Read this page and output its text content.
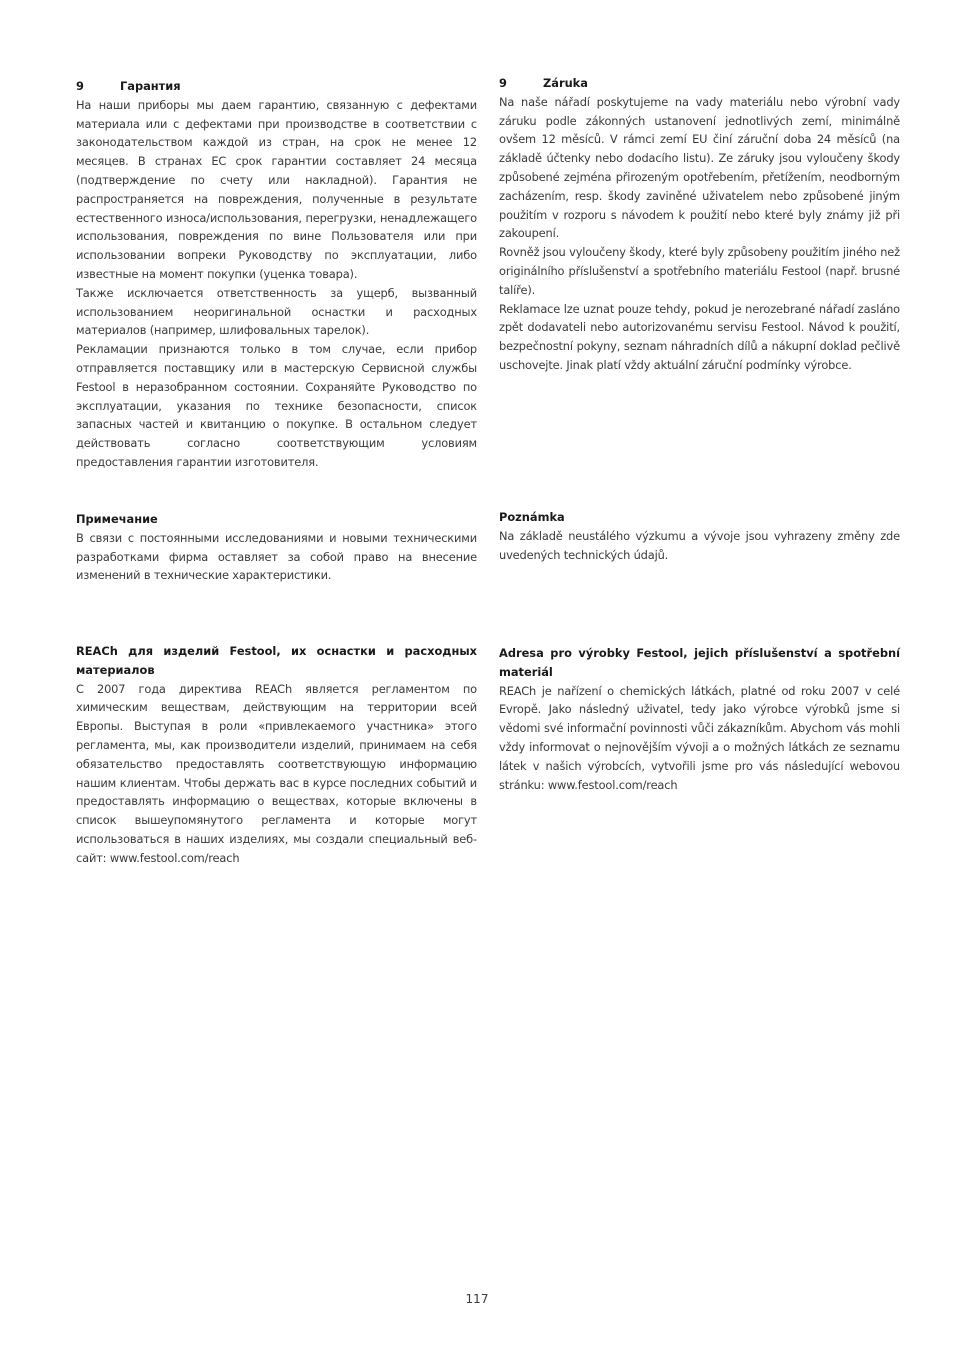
9	Гарантия

На наши приборы мы даем гарантию, связанную с дефектами материала или с дефектами при производстве в соответствии с законодательством каждой из стран, на срок не менее 12 месяцев. В странах ЕС срок гарантии составляет 24 месяца (подтверждение по счету или накладной). Гарантия не распространяется на повреждения, полученные в результате естественного износа/использования, перегрузки, ненадлежащего использования, повреждения по вине Пользователя или при использовании вопреки Руководству по эксплуатации, либо известные на момент покупки (уценка товара).

Также исключается ответственность за ущерб, вызванный использованием неоригинальной оснастки и расходных материалов (например, шлифовальных тарелок).

Рекламации признаются только в том случае, если прибор отправляется поставщику или в мастерскую Сервисной службы Festool в неразобранном состоянии. Сохраняйте Руководство по эксплуатации, указания по технике безопасности, список запасных частей и квитанцию о покупке. В остальном следует действовать согласно соответствующим условиям предоставления гарантии изготовителя.

Примечание

В связи с постоянными исследованиями и новыми техническими разработками фирма оставляет за собой право на внесение изменений в технические характеристики.

REACh для изделий Festool, их оснастки и расходных материалов

С 2007 года директива REACh является регламентом по химическим веществам, действующим на территории всей Европы. Выступая в роли «привлекаемого участника» этого регламента, мы, как производители изделий, принимаем на себя обязательство предоставлять соответствующую информацию нашим клиентам. Чтобы держать вас в курсе последних событий и предоставлять информацию о веществах, которые включены в список вышеупомянутого регламента и которые могут использоваться в наших изделиях, мы создали специальный веб-сайт: www.festool.com/reach

9	Záruka

Na naše nářadí poskytujeme na vady materiálu nebo výrobní vady záruku podle zákonných ustanovení jednotlivých zemí, minimálně ovšem 12 měsíců. V rámci zemí EU činí záruční doba 24 měsíců (na základě účtenky nebo dodacího listu). Ze záruky jsou vyloučeny škody způsobené zejména přirozeným opotřebením, přetížením, neodborným zacházením, resp. škody zaviněné uživatelem nebo způsobené jiným použitím v rozporu s návodem k použití nebo které byly známy již při zakoupení.

Rovněž jsou vyloučeny škody, které byly způsobeny použitím jiného než originálního příslušenství a spotřebního materiálu Festool (např. brusné talíře).

Reklamace lze uznat pouze tehdy, pokud je nerozebrané nářadí zasláno zpět dodavateli nebo autorizovanému servisu Festool. Návod k použití, bezpečnostní pokyny, seznam náhradních dílů a nákupní doklad pečlivě uschovejte. Jinak platí vždy aktuální záruční podmínky výrobce.

Poznámka

Na základě neustálého výzkumu a vývoje jsou vyhrazeny změny zde uvedených technických údajů.

Adresa pro výrobky Festool, jejich příslušenství a spotřební materiál

REACh je nařízení o chemických látkách, platné od roku 2007 v celé Evropě. Jako následný uživatel, tedy jako výrobce výrobků jsme si vědomi své informační povinnosti vůči zákazníkům. Abychom vás mohli vždy informovat o nejnovějším vývoji a o možných látkách ze seznamu látek v našich výrobcích, vytvořili jsme pro vás následující webovou stránku: www.festool.com/reach

117
